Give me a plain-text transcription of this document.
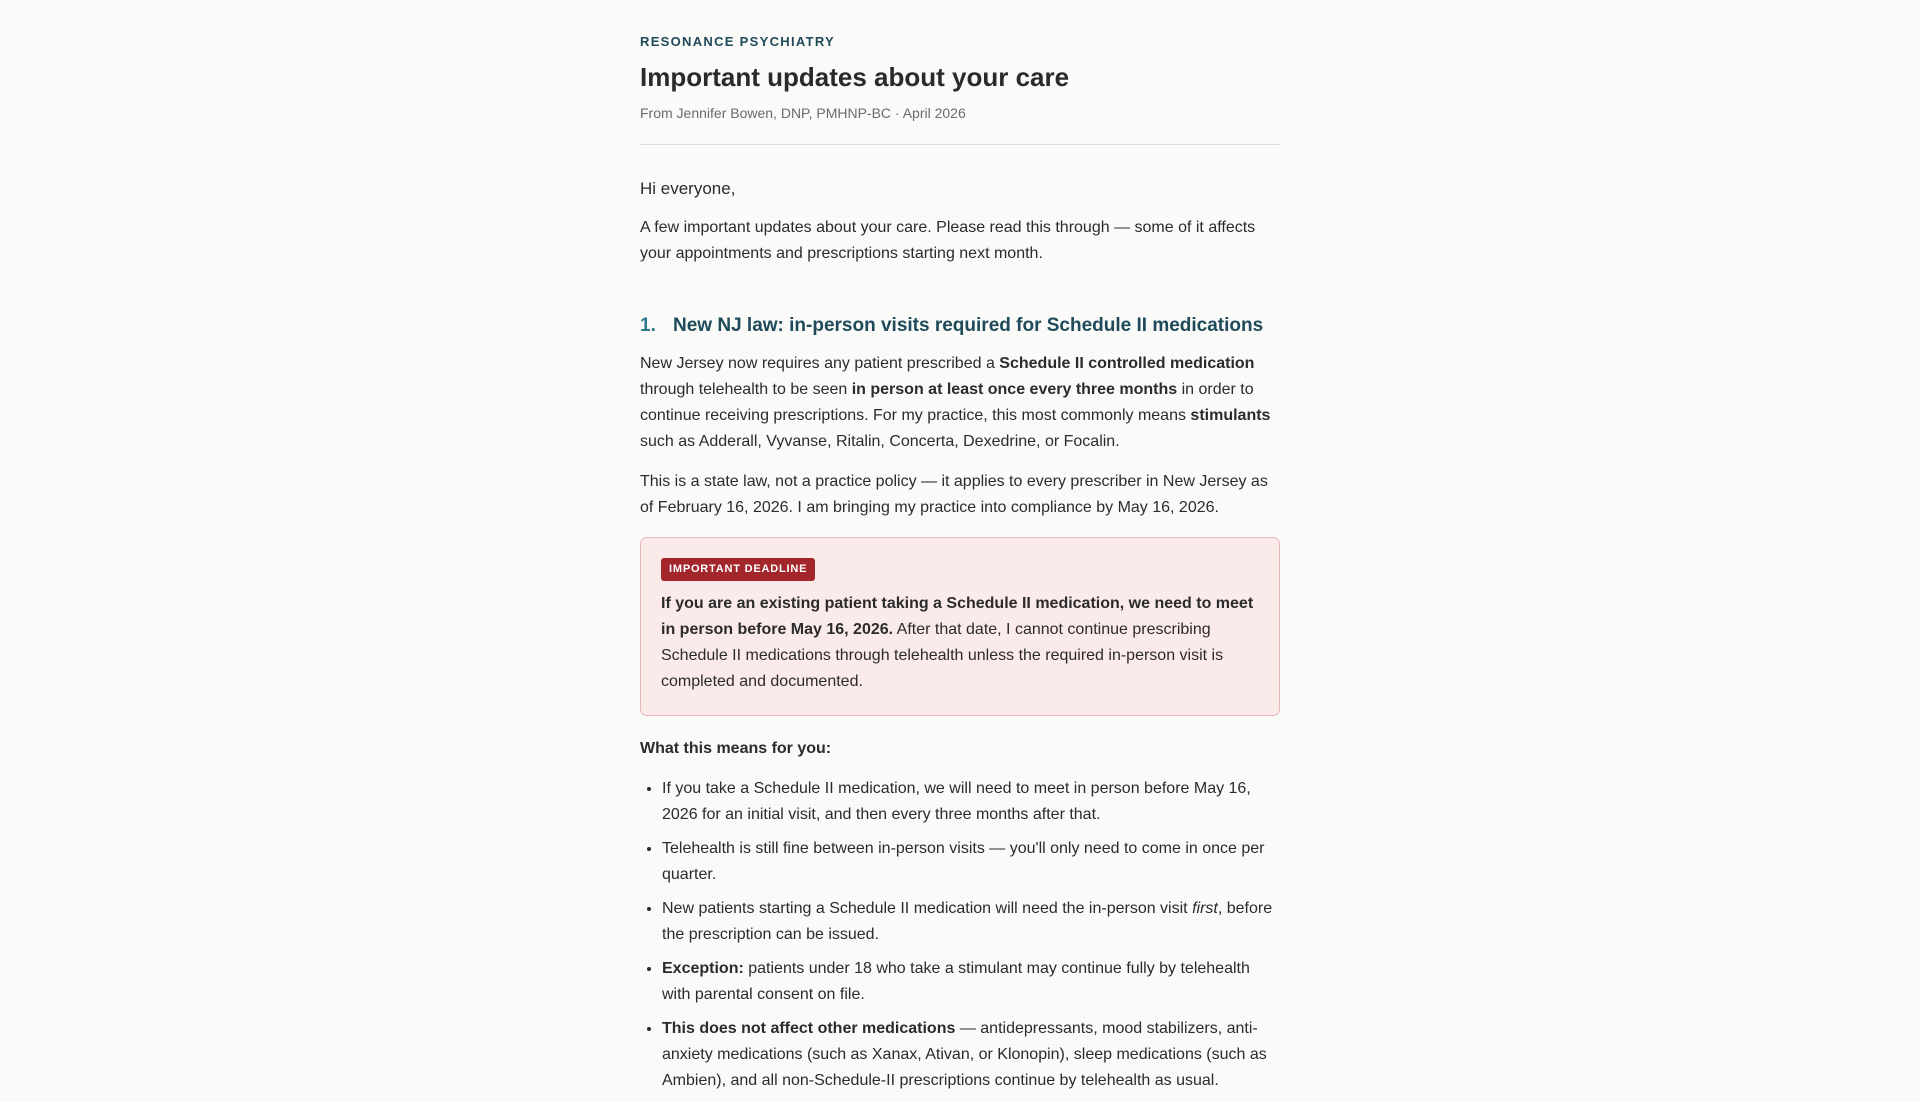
RESONANCE PSYCHIATRY
Important updates about your care
From Jennifer Bowen, DNP, PMHNP-BC · April 2026
Hi everyone,

A few important updates about your care. Please read this through — some of it affects your appointments and prescriptions starting next month.

1. New NJ law: in-person visits required for Schedule II medications

New Jersey now requires any patient prescribed a Schedule II controlled medication through telehealth to be seen in person at least once every three months in order to continue receiving prescriptions. For my practice, this most commonly means stimulants such as Adderall, Vyvanse, Ritalin, Concerta, Dexedrine, or Focalin.

This is a state law, not a practice policy — it applies to every prescriber in New Jersey as of February 16, 2026. I am bringing my practice into compliance by May 16, 2026.

IMPORTANT DEADLINE

If you are an existing patient taking a Schedule II medication, we need to meet in person before May 16, 2026. After that date, I cannot continue prescribing Schedule II medications through telehealth unless the required in-person visit is completed and documented.

What this means for you:
• If you take a Schedule II medication, we will need to meet in person before May 16, 2026 for an initial visit, and then every three months after that.
• Telehealth is still fine between in-person visits — you'll only need to come in once per quarter.
• New patients starting a Schedule II medication will need the in-person visit first, before the prescription can be issued.
• Exception: patients under 18 who take a stimulant may continue fully by telehealth with parental consent on file.
• This does not affect other medications — antidepressants, mood stabilizers, anti-anxiety medications (such as Xanax, Ativan, or Klonopin), sleep medications (such as Ambien), and all non-Schedule-II prescriptions continue by telehealth as usual.
